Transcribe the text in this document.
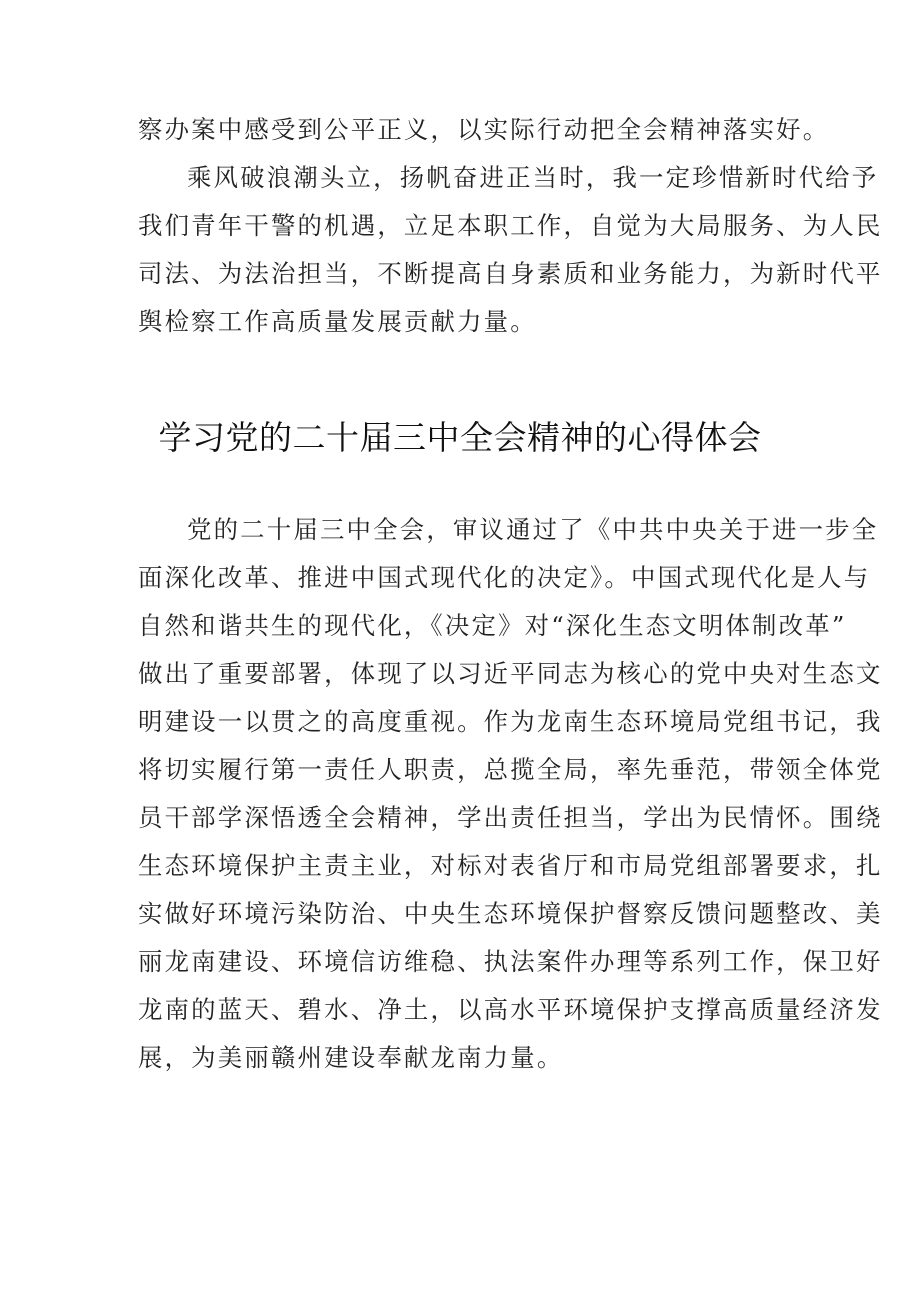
察办案中感受到公平正义，以实际行动把全会精神落实好。

乘风破浪潮头立，扬帆奋进正当时，我一定珍惜新时代给予
我们青年干警的机遇，立足本职工作，自觉为大局服务、为人民
司法、为法治担当，不断提高自身素质和业务能力，为新时代平
舆检察工作高质量发展贡献力量。

学习党的二十届三中全会精神的心得体会

党的二十届三中全会，审议通过了《中共中央关于进一步全
面深化改革、推进中国式现代化的决定》。中国式现代化是人与
自然和谐共生的现代化，《决定》对“深化生态文明体制改革”
做出了重要部署，体现了以习近平同志为核心的党中央对生态文
明建设一以贯之的高度重视。作为龙南生态环境局党组书记，我
将切实履行第一责任人职责，总揽全局，率先垂范，带领全体党
员干部学深悟透全会精神，学出责任担当，学出为民情怀。围绕
生态环境保护主责主业，对标对表省厅和市局党组部署要求，扎
实做好环境污染防治、中央生态环境保护督察反馈问题整改、美
丽龙南建设、环境信访维稳、执法案件办理等系列工作，保卫好
龙南的蓝天、碧水、净土，以高水平环境保护支撑高质量经济发
展，为美丽赣州建设奉献龙南力量。
